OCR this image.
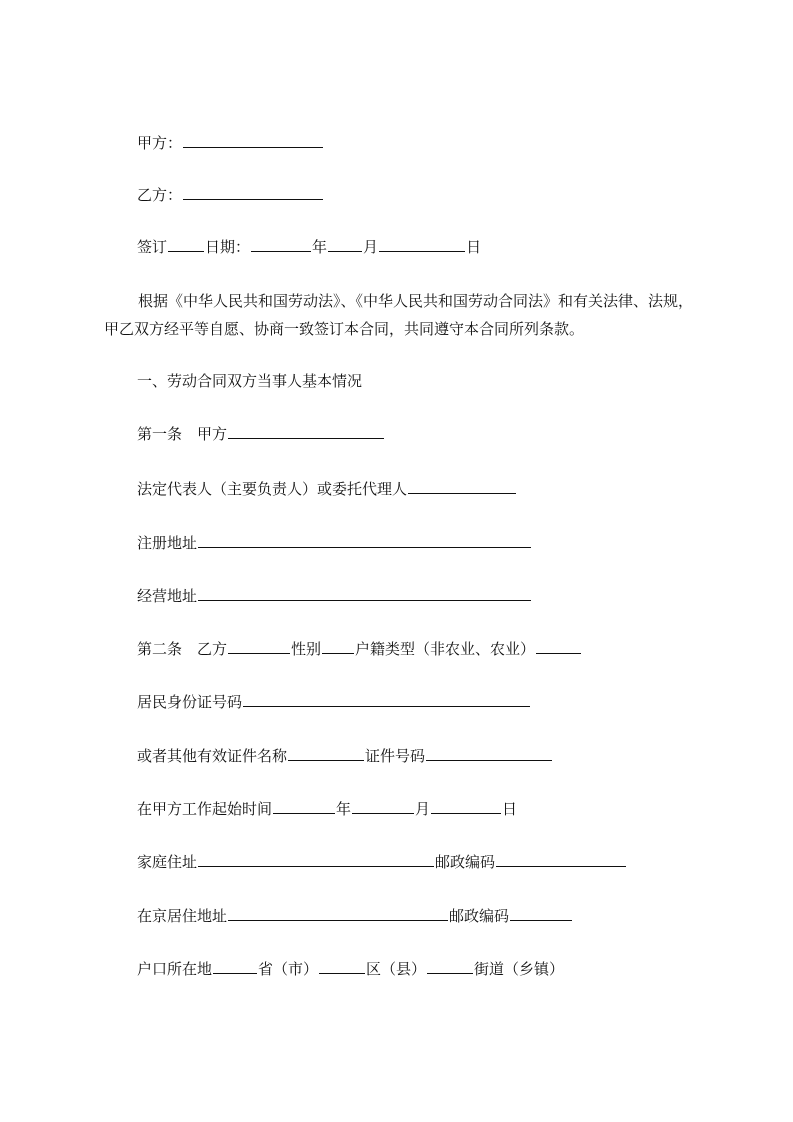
甲方：
乙方：
签订	日期：	年 月	日
根据《中华人民共和国劳动法》、《中华人民共和国劳动合同法》和有关法律、法规，甲乙双方经平等自愿、协商一致签订本合同，共同遵守本合同所列条款。
一、劳动合同双方当事人基本情况
第一条　甲方
法定代表人（主要负责人）或委托代理人
注册地址
经营地址
第二条　乙方	性别 户籍类型（非农业、农业）
居民身份证号码
或者其他有效证件名称	证件号码
在甲方工作起始时间	年	月	日
家庭住址	邮政编码
在京居住地址	邮政编码
户口所在地	省（市）	区（县）	街道（乡镇）
